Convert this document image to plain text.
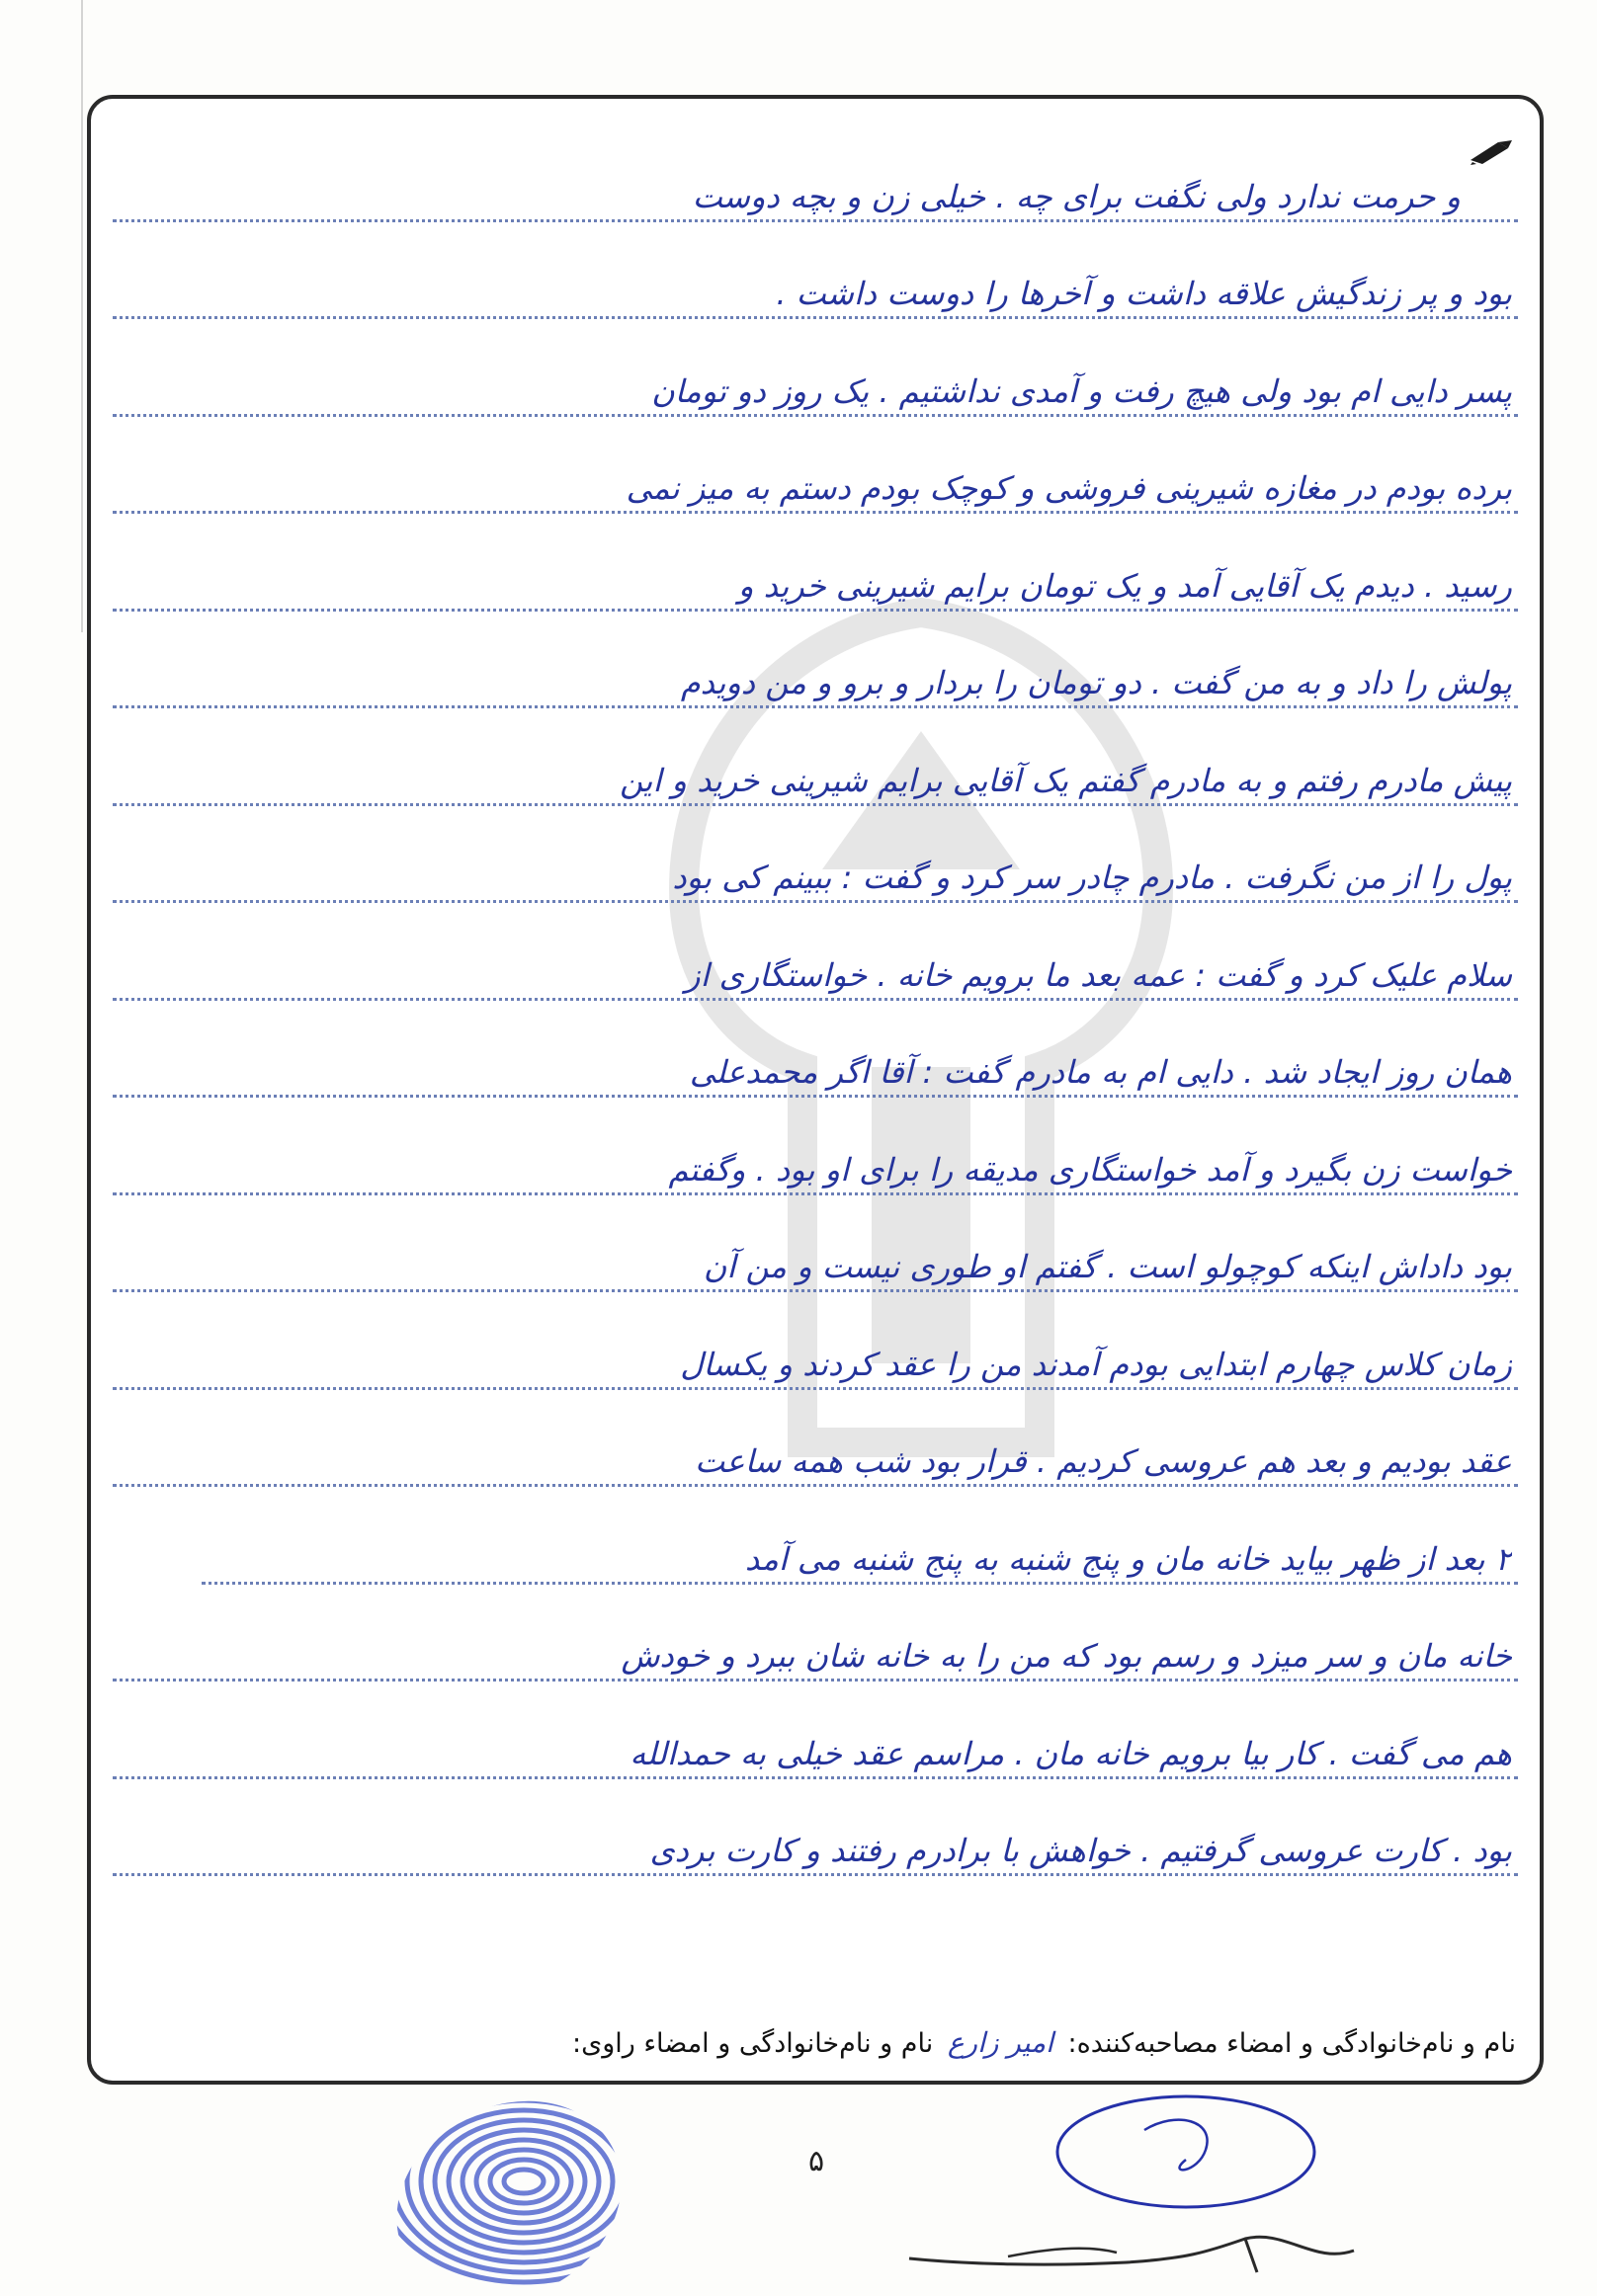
و حرمت ندارد ولی نگفت برای چه . خیلی زن و بچه دوست
بود و پر زندگیش علاقه داشت و آخرها را دوست داشت .
پسر دایی ام بود ولی هیچ رفت و آمدی نداشتیم . یک روز دو تومان
برده بودم در مغازه شیرینی فروشی و کوچک بودم دستم به میز نمی
رسید . دیدم یک آقایی آمد و یک تومان برایم شیرینی خرید و
پولش را داد و به من گفت . دو تومان را بردار و برو و من دویدم
پیش مادرم رفتم و به مادرم گفتم یک آقایی برایم شیرینی خرید و این
پول را از من نگرفت . مادرم چادر سر کرد و گفت : ببینم کی بود
سلام علیک کرد و گفت : عمه بعد ما برویم خانه . خواستگاری از
همان روز ایجاد شد . دایی ام به مادرم گفت : آقا اگر محمدعلی
خواست زن بگیرد و آمد خواستگاری مدیقه را برای او بود . وگفتم
بود داداش اینکه کوچولو است . گفتم او طوری نیست و من آن
زمان کلاس چهارم ابتدایی بودم آمدند من را عقد کردند و یکسال
عقد بودیم و بعد هم عروسی کردیم . قرار بود شب همه ساعت
۲ بعد از ظهر بیاید خانه مان و پنج شنبه به پنج شنبه می آمد
خانه مان و سر میزد و رسم بود که من را به خانه شان ببرد و خودش
هم می گفت . کار بیا برویم خانه مان . مراسم عقد خیلی به حمدالله
بود . کارت عروسی گرفتیم . خواهش با برادرم رفتند و کارت بردی
نام و نام‌خانوادگی و امضاء مصاحبه‌کننده: امیر زارع نام و نام‌خانوادگی و امضاء راوی:
۵
